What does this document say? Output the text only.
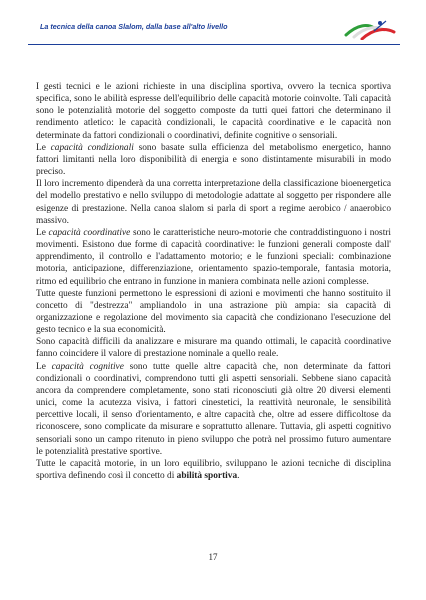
La tecnica della canoa Slalom, dalla base all'alto livello

I gesti tecnici e le azioni richieste in una disciplina sportiva, ovvero la tecnica sportiva specifica, sono le abilità espresse dell'equilibrio delle capacità motorie coinvolte. Tali capacità sono le potenzialità motorie del soggetto composte da tutti quei fattori che determinano il rendimento atletico: le capacità condizionali, le capacità coordinative e le capacità non determinate da fattori condizionali o coordinativi, definite cognitive o sensoriali.

Le capacità condizionali sono basate sulla efficienza del metabolismo energetico, hanno fattori limitanti nella loro disponibilità di energia e sono distintamente misurabili in modo preciso.

Il loro incremento dipenderà da una corretta interpretazione della classificazione bioenergetica del modello prestativo e nello sviluppo di metodologie adattate al soggetto per rispondere alle esigenze di prestazione. Nella canoa slalom si parla di sport a regime aerobico / anaerobico massivo.

Le capacità coordinative sono le caratteristiche neuro-motorie che contraddistinguono i nostri movimenti. Esistono due forme di capacità coordinative: le funzioni generali composte dall' apprendimento, il controllo e l'adattamento motorio; e le funzioni speciali: combinazione motoria, anticipazione, differenziazione, orientamento spazio-temporale, fantasia motoria, ritmo ed equilibrio che entrano in funzione in maniera combinata nelle azioni complesse.

Tutte queste funzioni permettono le espressioni di azioni e movimenti che hanno sostituito il concetto di "destrezza" ampliandolo in una astrazione più ampia: sia capacità di organizzazione e regolazione del movimento sia capacità che condizionano l'esecuzione del gesto tecnico e la sua economicità.

Sono capacità difficili da analizzare e misurare ma quando ottimali, le capacità coordinative fanno coincidere il valore di prestazione nominale a quello reale.

Le capacità cognitive sono tutte quelle altre capacità che, non determinate da fattori condizionali o coordinativi, comprendono tutti gli aspetti sensoriali. Sebbene siano capacità ancora da comprendere completamente, sono stati riconosciuti già oltre 20 diversi elementi unici, come la acutezza visiva, i fattori cinestetici, la reattività neuronale, le sensibilità percettive locali, il senso d'orientamento, e altre capacità che, oltre ad essere difficoltose da riconoscere, sono complicate da misurare e soprattutto allenare. Tuttavia, gli aspetti cognitivo sensoriali sono un campo ritenuto in pieno sviluppo che potrà nel prossimo futuro aumentare le potenzialità prestative sportive.

Tutte le capacità motorie, in un loro equilibrio, sviluppano le azioni tecniche di disciplina sportiva definendo così il concetto di abilità sportiva.

17
